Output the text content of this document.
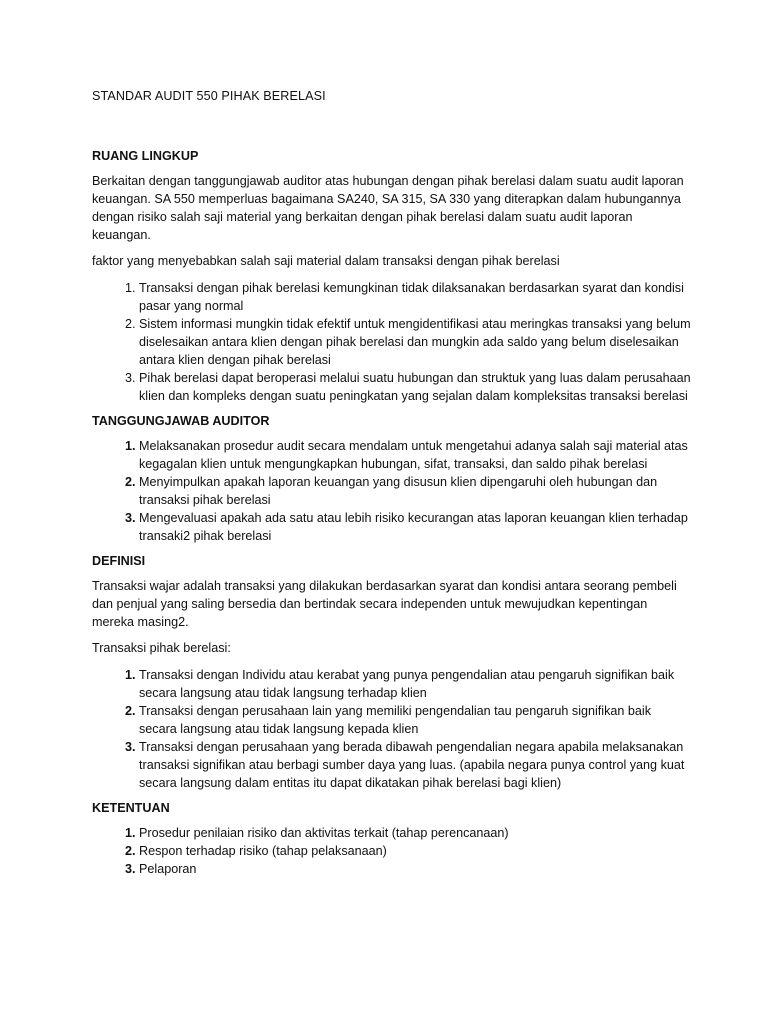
STANDAR AUDIT 550 PIHAK BERELASI
RUANG LINGKUP

Berkaitan dengan tanggungjawab auditor atas hubungan dengan pihak berelasi dalam suatu audit laporan keuangan. SA 550 memperluas bagaimana SA240, SA 315, SA 330 yang diterapkan dalam hubungannya dengan risiko salah saji material yang berkaitan dengan pihak berelasi dalam suatu audit laporan keuangan.

faktor yang menyebabkan salah saji material dalam transaksi dengan pihak berelasi

1. Transaksi dengan pihak berelasi kemungkinan tidak dilaksanakan berdasarkan syarat dan kondisi pasar yang normal
2. Sistem informasi mungkin tidak efektif untuk mengidentifikasi atau meringkas transaksi yang belum diselesaikan antara klien dengan pihak berelasi dan mungkin ada saldo yang belum diselesaikan antara klien dengan pihak berelasi
3. Pihak berelasi dapat beroperasi melalui suatu hubungan dan struktuk yang luas dalam perusahaan klien dan kompleks dengan suatu peningkatan yang sejalan dalam kompleksitas transaksi berelasi
TANGGUNGJAWAB AUDITOR
1. Melaksanakan prosedur audit secara mendalam untuk mengetahui adanya salah saji material atas kegagalan klien untuk mengungkapkan hubungan, sifat, transaksi, dan saldo pihak berelasi
2. Menyimpulkan apakah laporan keuangan yang disusun klien dipengaruhi oleh hubungan dan transaksi pihak berelasi
3. Mengevaluasi apakah ada satu atau lebih risiko kecurangan atas laporan keuangan klien terhadap transaki2 pihak berelasi
DEFINISI

Transaksi wajar adalah transaksi yang dilakukan berdasarkan syarat dan kondisi antara seorang pembeli dan penjual yang saling bersedia dan bertindak secara independen untuk mewujudkan kepentingan mereka masing2.

Transaksi pihak berelasi:

1. Transaksi dengan Individu atau kerabat yang punya pengendalian atau pengaruh signifikan baik secara langsung atau tidak langsung terhadap klien
2. Transaksi dengan perusahaan lain yang memiliki pengendalian tau pengaruh signifikan baik secara langsung atau tidak langsung kepada klien
3. Transaksi dengan perusahaan yang berada dibawah pengendalian negara apabila melaksanakan transaksi signifikan atau berbagi sumber daya yang luas. (apabila negara punya control yang kuat secara langsung dalam entitas itu dapat dikatakan pihak berelasi bagi klien)
KETENTUAN
1. Prosedur penilaian risiko dan aktivitas terkait (tahap perencanaan)
2. Respon terhadap risiko (tahap pelaksanaan)
3. Pelaporan
